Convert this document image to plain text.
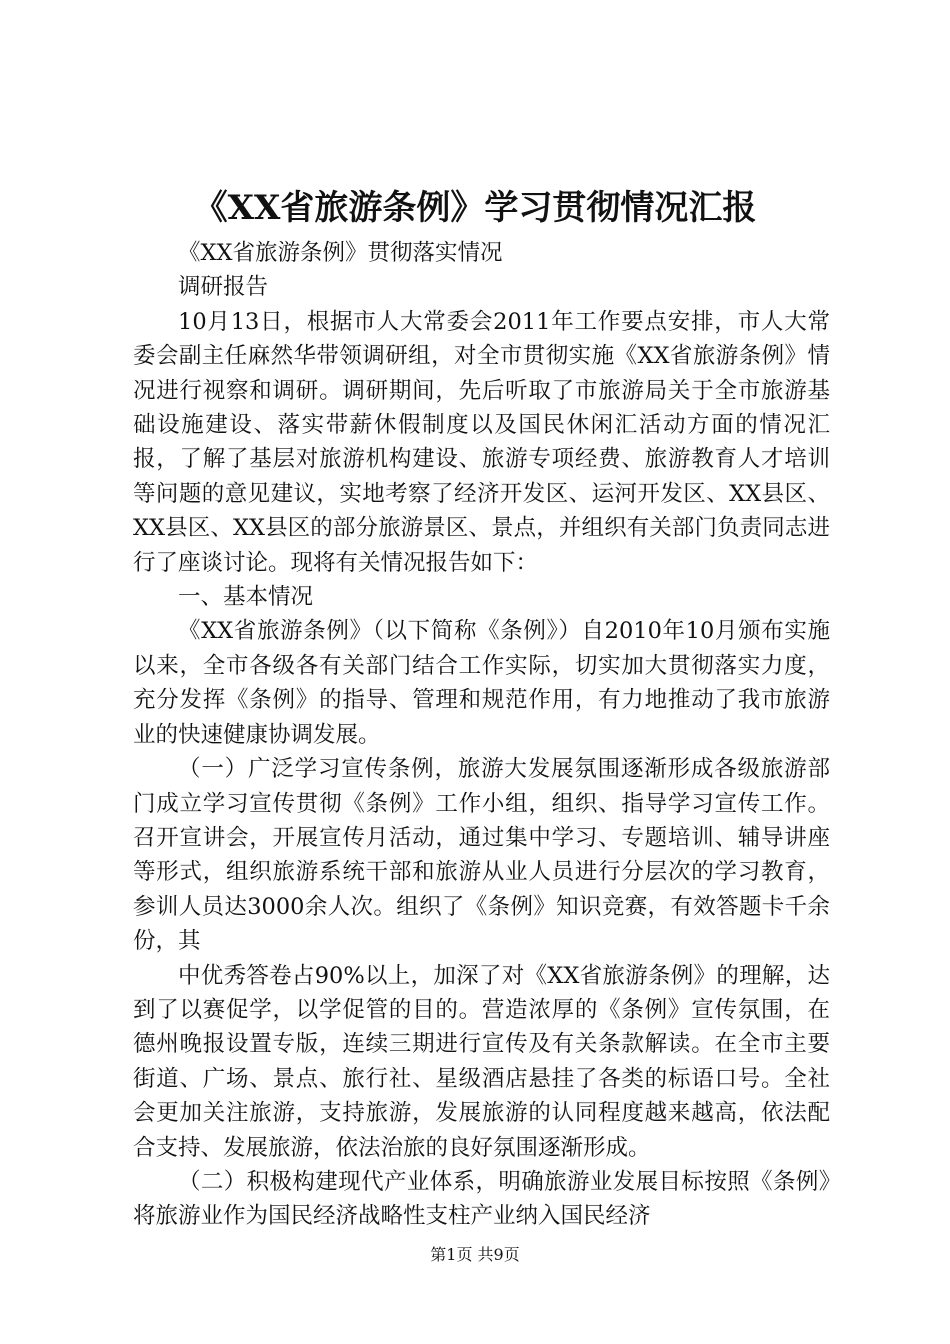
《XX省旅游条例》学习贯彻情况汇报

《XX省旅游条例》贯彻落实情况

调研报告

10月13日，根据市人大常委会2011年工作要点安排，市人大常委会副主任麻然华带领调研组，对全市贯彻实施《XX省旅游条例》情况进行视察和调研。调研期间，先后听取了市旅游局关于全市旅游基础设施建设、落实带薪休假制度以及国民休闲汇活动方面的情况汇报，了解了基层对旅游机构建设、旅游专项经费、旅游教育人才培训等问题的意见建议，实地考察了经济开发区、运河开发区、XX县区、XX县区、XX县区的部分旅游景区、景点，并组织有关部门负责同志进行了座谈讨论。现将有关情况报告如下：

一、基本情况

《XX省旅游条例》（以下简称《条例》）自2010年10月颁布实施以来，全市各级各有关部门结合工作实际，切实加大贯彻落实力度，充分发挥《条例》的指导、管理和规范作用，有力地推动了我市旅游业的快速健康协调发展。

（一）广泛学习宣传条例，旅游大发展氛围逐渐形成各级旅游部门成立学习宣传贯彻《条例》工作小组，组织、指导学习宣传工作。召开宣讲会，开展宣传月活动，通过集中学习、专题培训、辅导讲座等形式，组织旅游系统干部和旅游从业人员进行分层次的学习教育，参训人员达3000余人次。组织了《条例》知识竞赛，有效答题卡千余份，其

中优秀答卷占90%以上，加深了对《XX省旅游条例》的理解，达到了以赛促学，以学促管的目的。营造浓厚的《条例》宣传氛围，在德州晚报设置专版，连续三期进行宣传及有关条款解读。在全市主要街道、广场、景点、旅行社、星级酒店悬挂了各类的标语口号。全社会更加关注旅游，支持旅游，发展旅游的认同程度越来越高，依法配合支持、发展旅游，依法治旅的良好氛围逐渐形成。

（二）积极构建现代产业体系，明确旅游业发展目标按照《条例》将旅游业作为国民经济战略性支柱产业纳入国民经济

第1页 共9页
